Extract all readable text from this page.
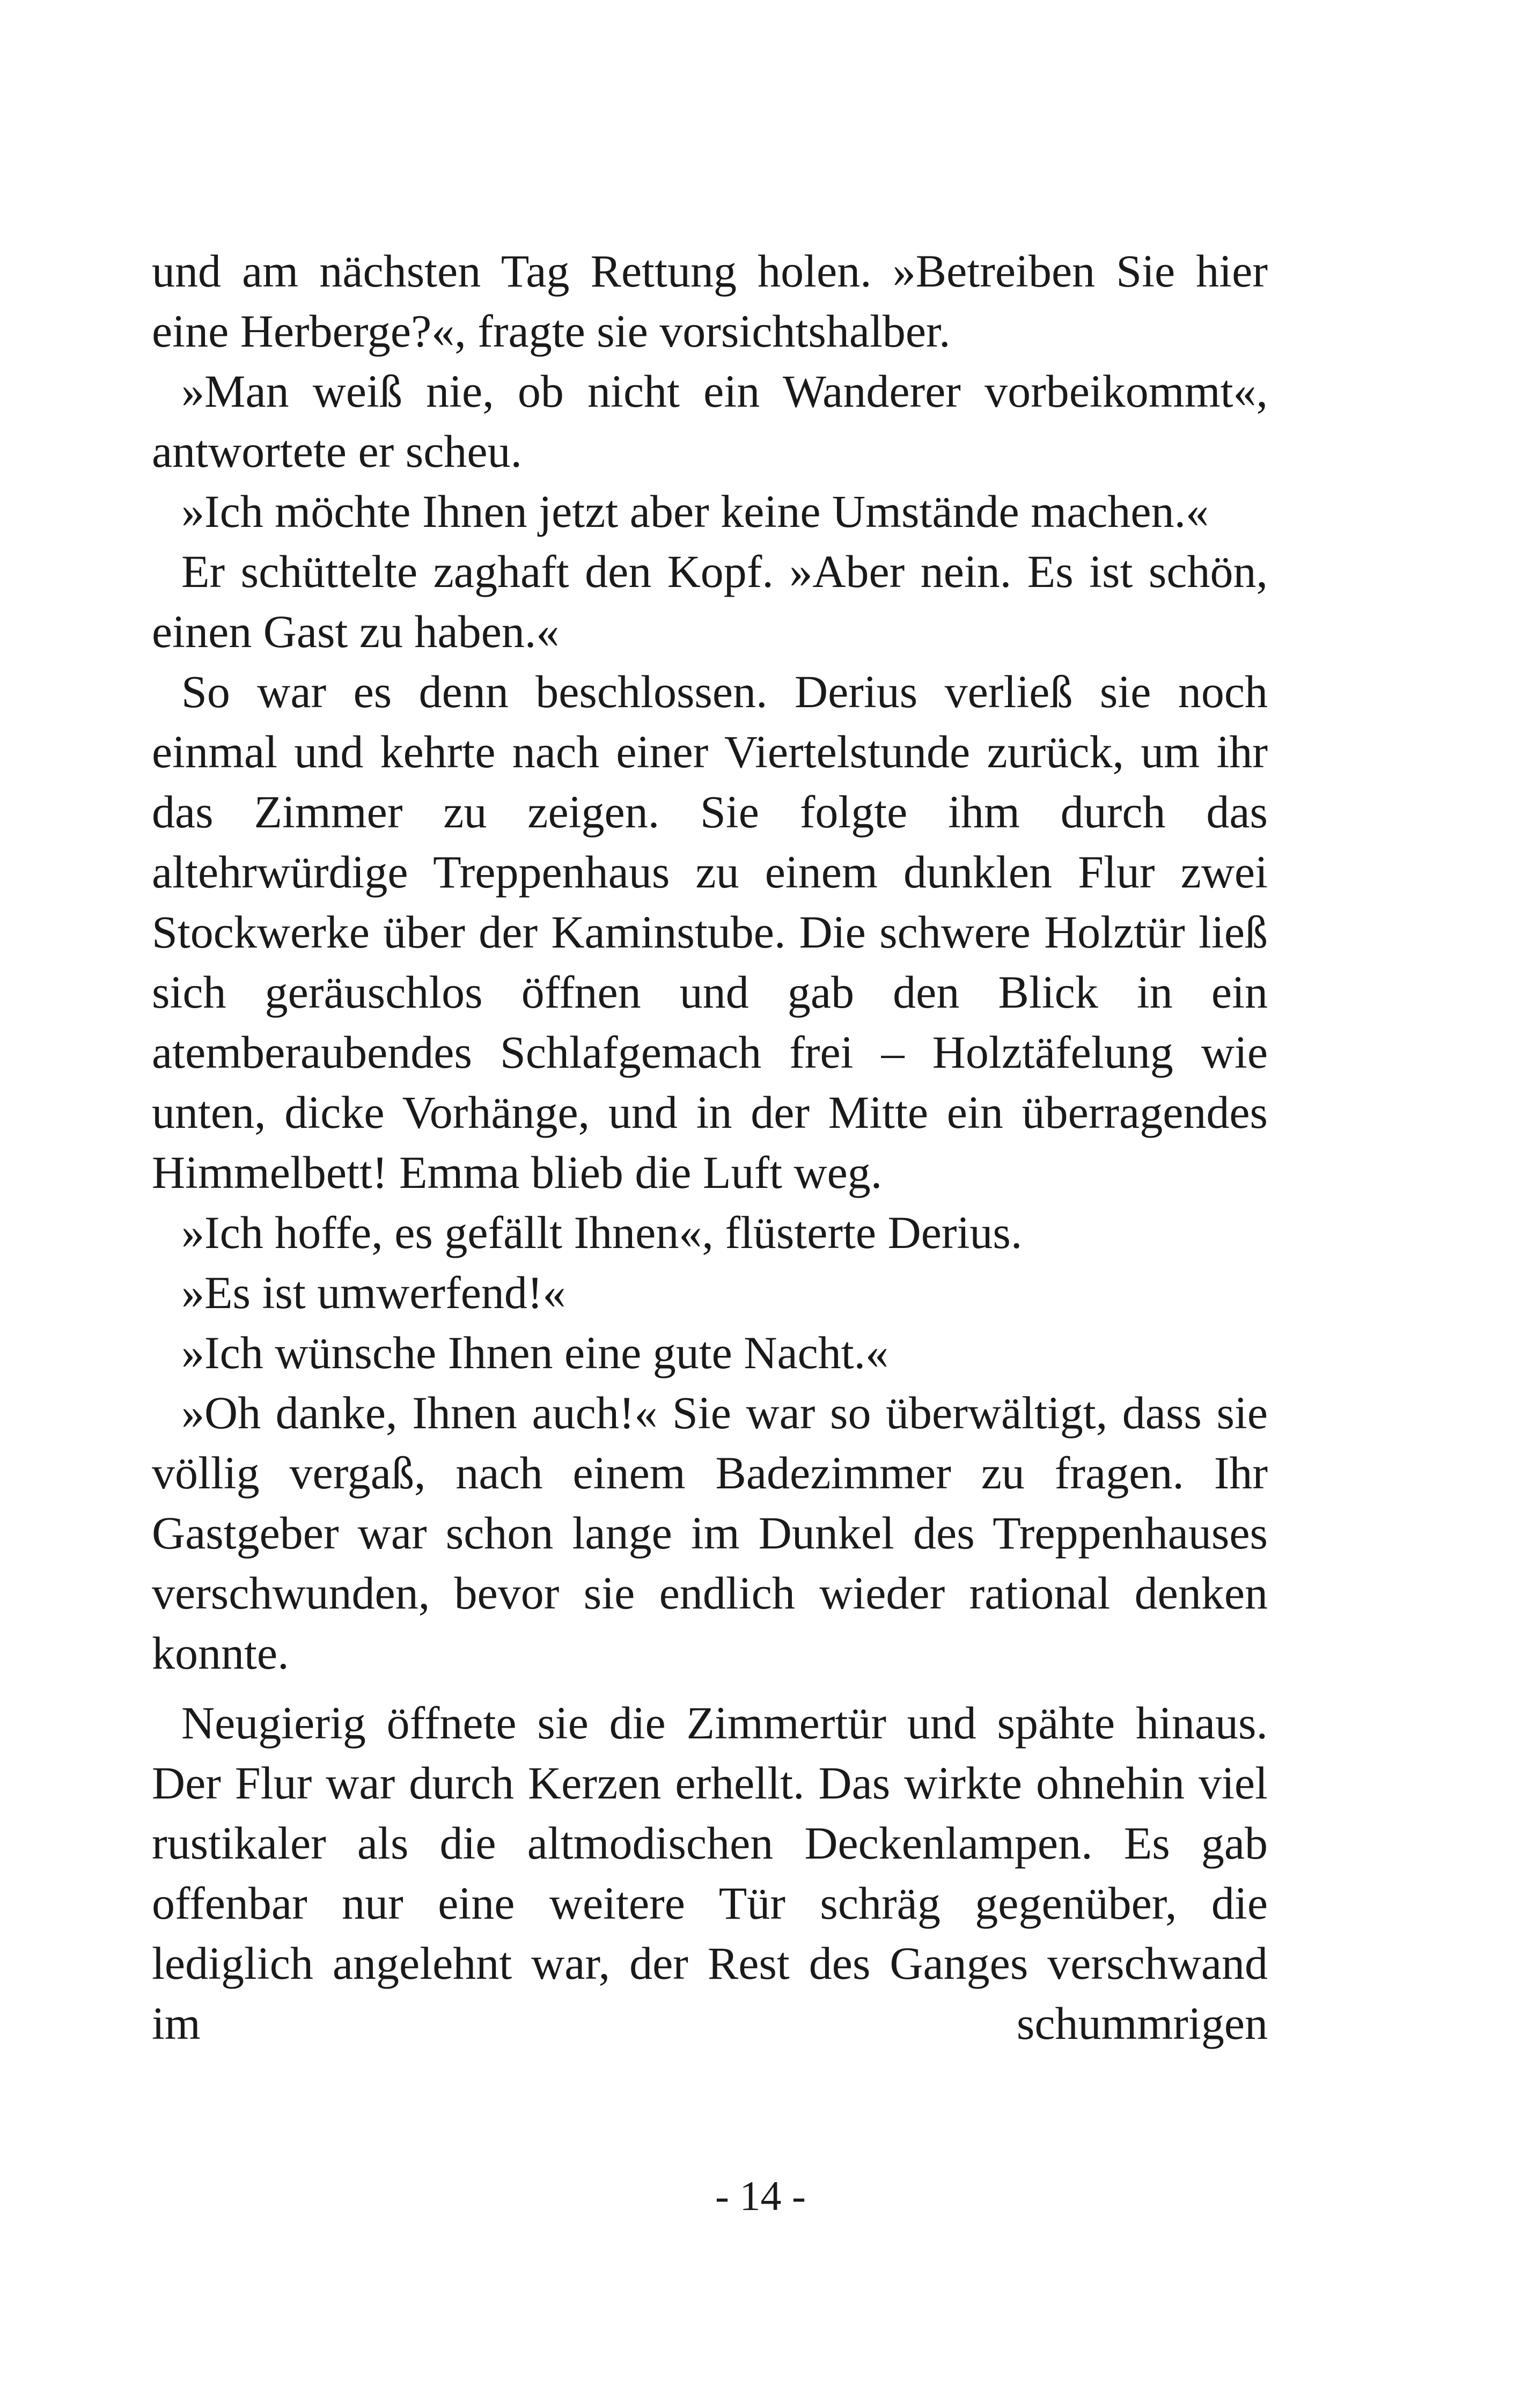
und am nächsten Tag Rettung holen. »Betreiben Sie hier eine Herberge?«, fragte sie vorsichtshalber.

»Man weiß nie, ob nicht ein Wanderer vorbeikommt«, antwortete er scheu.

»Ich möchte Ihnen jetzt aber keine Umstände machen.«

Er schüttelte zaghaft den Kopf. »Aber nein. Es ist schön, einen Gast zu haben.«

So war es denn beschlossen. Derius verließ sie noch einmal und kehrte nach einer Viertelstunde zurück, um ihr das Zimmer zu zeigen. Sie folgte ihm durch das altehrwürdige Treppenhaus zu einem dunklen Flur zwei Stockwerke über der Kaminstube. Die schwere Holztür ließ sich geräuschlos öffnen und gab den Blick in ein atemberaubendes Schlafgemach frei – Holztäfelung wie unten, dicke Vorhänge, und in der Mitte ein überragendes Himmelbett! Emma blieb die Luft weg.

»Ich hoffe, es gefällt Ihnen«, flüsterte Derius.

»Es ist umwerfend!«

»Ich wünsche Ihnen eine gute Nacht.«

»Oh danke, Ihnen auch!« Sie war so überwältigt, dass sie völlig vergaß, nach einem Badezimmer zu fragen. Ihr Gastgeber war schon lange im Dunkel des Treppenhauses verschwunden, bevor sie endlich wieder rational denken konnte.

Neugierig öffnete sie die Zimmertür und spähte hinaus. Der Flur war durch Kerzen erhellt. Das wirkte ohnehin viel rustikaler als die altmodischen Deckenlampen. Es gab offenbar nur eine weitere Tür schräg gegenüber, die lediglich angelehnt war, der Rest des Ganges verschwand im schummrigen

- 14 -
